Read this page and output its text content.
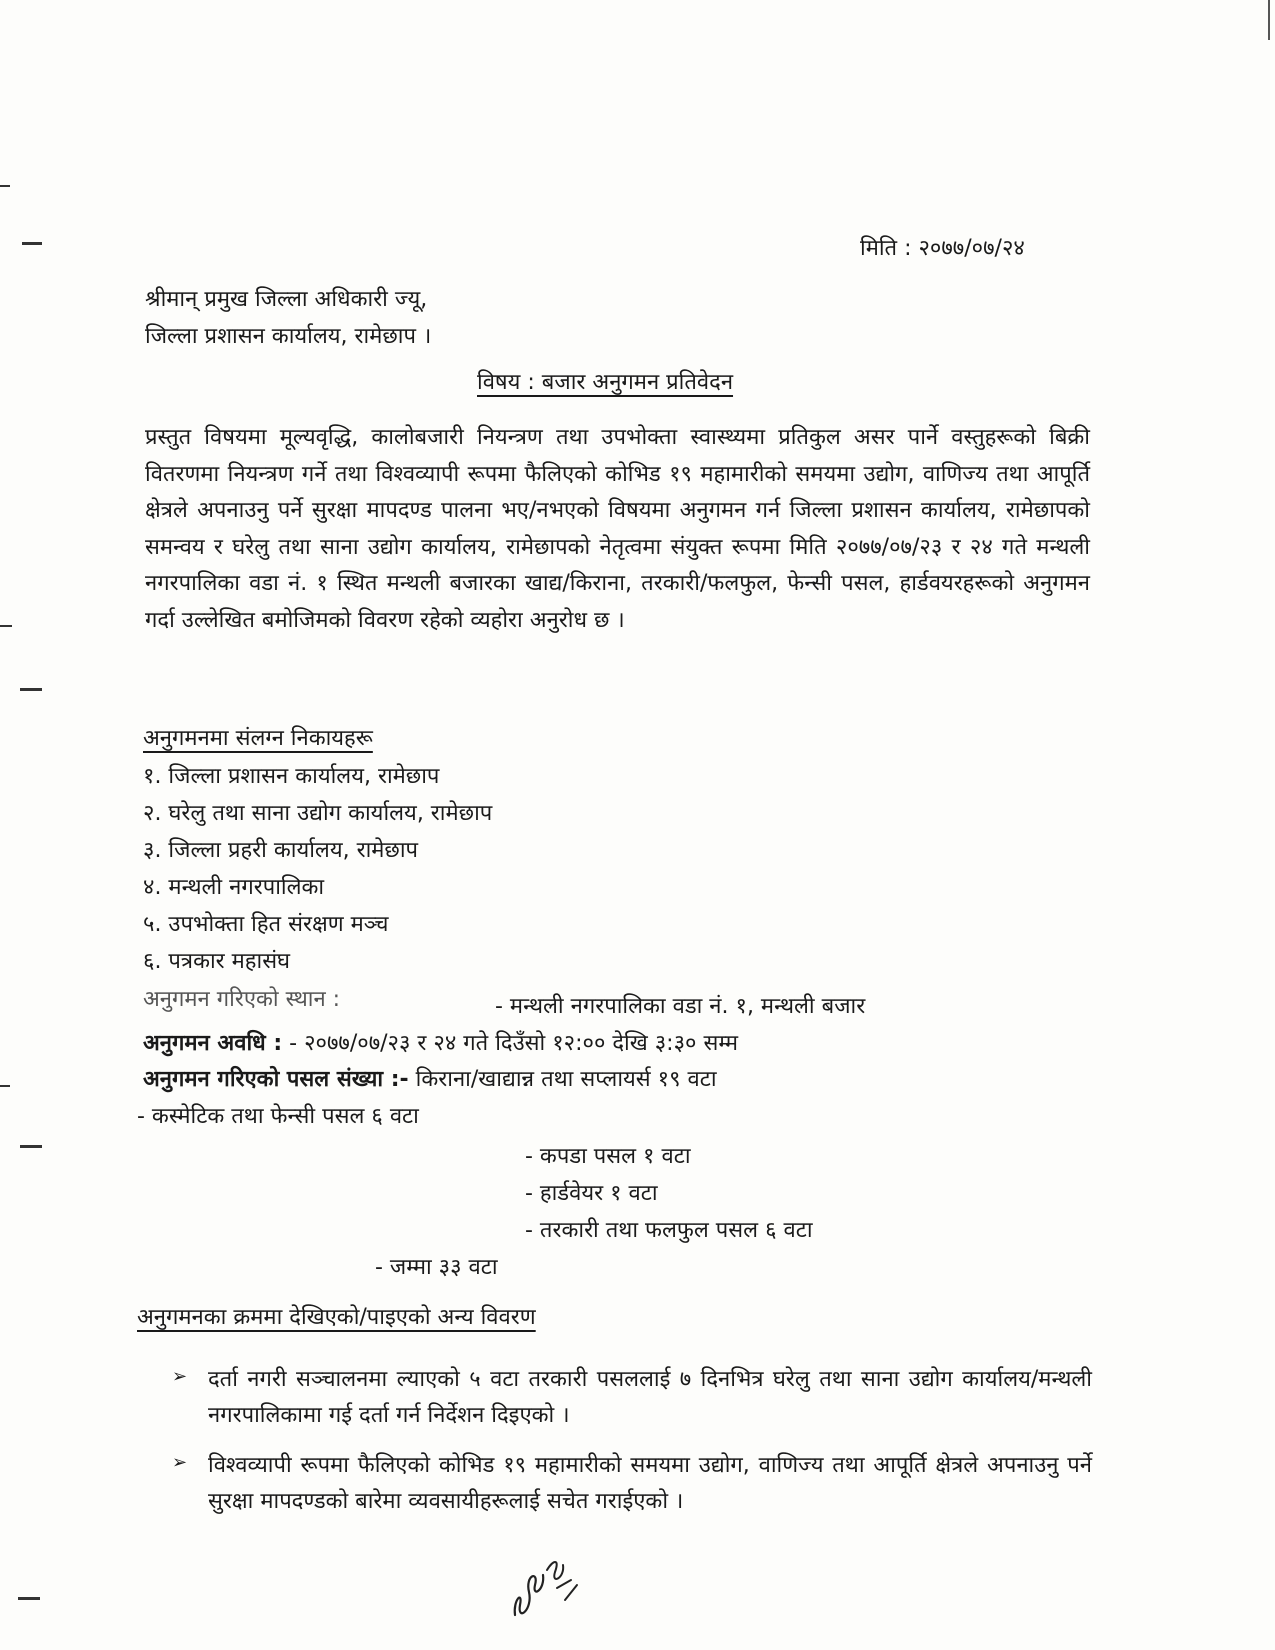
मिति : २०७७/०७/२४
श्रीमान् प्रमुख जिल्ला अधिकारी ज्यू,
जिल्ला प्रशासन कार्यालय, रामेछाप ।
विषय : बजार अनुगमन प्रतिवेदन
प्रस्तुत विषयमा मूल्यवृद्धि, कालोबजारी नियन्त्रण तथा उपभोक्ता स्वास्थ्यमा प्रतिकुल असर पार्ने वस्तुहरूको बिक्री वितरणमा नियन्त्रण गर्ने तथा विश्वव्यापी रूपमा फैलिएको कोभिड १९ महामारीको समयमा उद्योग, वाणिज्य तथा आपूर्ति क्षेत्रले अपनाउनु पर्ने सुरक्षा मापदण्ड पालना भए/नभएको विषयमा अनुगमन गर्न जिल्ला प्रशासन कार्यालय, रामेछापको समन्वय र घरेलु तथा साना उद्योग कार्यालय, रामेछापको नेतृत्वमा संयुक्त रूपमा मिति २०७७/०७/२३ र २४ गते मन्थली नगरपालिका वडा नं. १ स्थित मन्थली बजारका खाद्य/किराना, तरकारी/फलफुल, फेन्सी पसल, हार्डवयरहरूको अनुगमन गर्दा उल्लेखित बमोजिमको विवरण रहेको व्यहोरा अनुरोध छ ।
अनुगमनमा संलग्न निकायहरू
१. जिल्ला प्रशासन कार्यालय, रामेछाप
२. घरेलु तथा साना उद्योग कार्यालय, रामेछाप
३. जिल्ला प्रहरी कार्यालय, रामेछाप
४. मन्थली नगरपालिका
५. उपभोक्ता हित संरक्षण मञ्च
६. पत्रकार महासंघ
अनुगमन गरिएको स्थान :	- मन्थली नगरपालिका वडा नं. १, मन्थली बजार
अनुगमन अवधि : - २०७७/०७/२३ र २४ गते दिउँसो १२:०० देखि ३:३० सम्म
अनुगमन गरिएको पसल संख्या :- किराना/खाद्यान्न तथा सप्लायर्स १९ वटा
- कस्मेटिक तथा फेन्सी पसल ६ वटा
- कपडा पसल १ वटा
- हार्डवेयर १ वटा
- तरकारी तथा फलफुल पसल ६ वटा
- जम्मा ३३ वटा
अनुगमनका क्रममा देखिएको/पाइएको अन्य विवरण
➢ दर्ता नगरी सञ्चालनमा ल्याएको ५ वटा तरकारी पसललाई ७ दिनभित्र घरेलु तथा साना उद्योग कार्यालय/मन्थली नगरपालिकामा गई दर्ता गर्न निर्देशन दिइएको ।
➢ विश्वव्यापी रूपमा फैलिएको कोभिड १९ महामारीको समयमा उद्योग, वाणिज्य तथा आपूर्ति क्षेत्रले अपनाउनु पर्ने सुरक्षा मापदण्डको बारेमा व्यवसायीहरूलाई सचेत गराईएको ।
